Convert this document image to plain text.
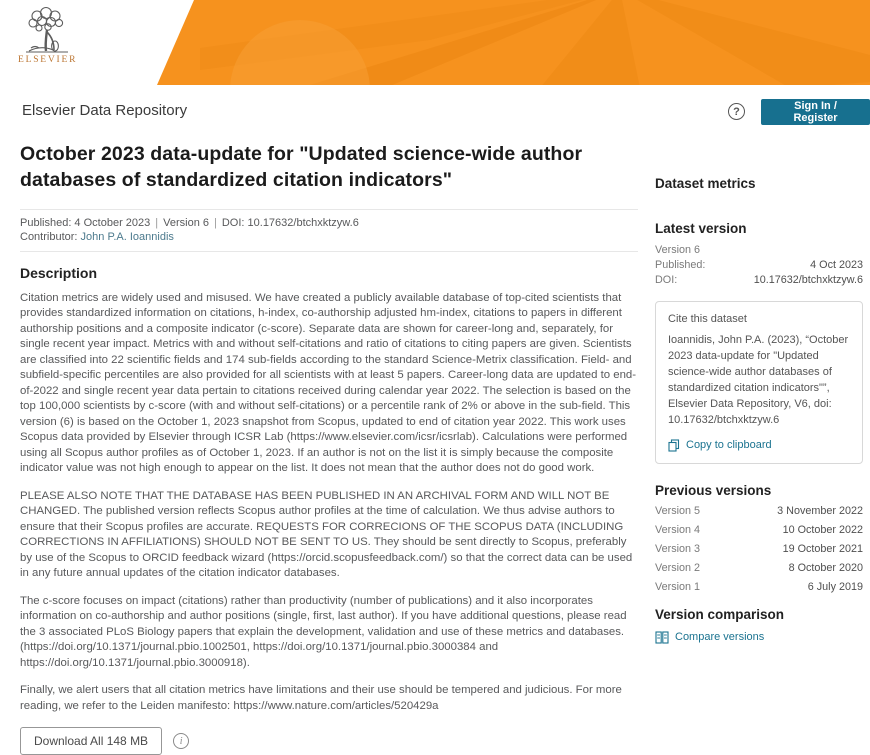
ELSEVIER
Elsevier Data Repository	?	Sign In / Register
October 2023 data-update for "Updated science-wide author databases of standardized citation indicators"
Published: 4 October 2023 | Version 6 | DOI: 10.17632/btchxktzyw.6
Contributor: John P.A. Ioannidis
Description

Citation metrics are widely used and misused. We have created a publicly available database of top-cited scientists that provides standardized information on citations, h-index, co-authorship adjusted hm-index, citations to papers in different authorship positions and a composite indicator (c-score). Separate data are shown for career-long and, separately, for single recent year impact. Metrics with and without self-citations and ratio of citations to citing papers are given. Scientists are classified into 22 scientific fields and 174 sub-fields according to the standard Science-Metrix classification. Field- and subfield-specific percentiles are also provided for all scientists with at least 5 papers. Career-long data are updated to end-of-2022 and single recent year data pertain to citations received during calendar year 2022. The selection is based on the top 100,000 scientists by c-score (with and without self-citations) or a percentile rank of 2% or above in the sub-field. This version (6) is based on the October 1, 2023 snapshot from Scopus, updated to end of citation year 2022. This work uses Scopus data provided by Elsevier through ICSR Lab (https://www.elsevier.com/icsr/icsrlab). Calculations were performed using all Scopus author profiles as of October 1, 2023. If an author is not on the list it is simply because the composite indicator value was not high enough to appear on the list. It does not mean that the author does not do good work.

PLEASE ALSO NOTE THAT THE DATABASE HAS BEEN PUBLISHED IN AN ARCHIVAL FORM AND WILL NOT BE CHANGED. The published version reflects Scopus author profiles at the time of calculation. We thus advise authors to ensure that their Scopus profiles are accurate. REQUESTS FOR CORRECIONS OF THE SCOPUS DATA (INCLUDING CORRECTIONS IN AFFILIATIONS) SHOULD NOT BE SENT TO US. They should be sent directly to Scopus, preferably by use of the Scopus to ORCID feedback wizard (https://orcid.scopusfeedback.com/) so that the correct data can be used in any future annual updates of the citation indicator databases.

The c-score focuses on impact (citations) rather than productivity (number of publications) and it also incorporates information on co-authorship and author positions (single, first, last author). If you have additional questions, please read the 3 associated PLoS Biology papers that explain the development, validation and use of these metrics and databases. (https://doi.org/10.1371/journal.pbio.1002501, https://doi.org/10.1371/journal.pbio.3000384 and https://doi.org/10.1371/journal.pbio.3000918).

Finally, we alert users that all citation metrics have limitations and their use should be tempered and judicious. For more reading, we refer to the Leiden manifesto: https://www.nature.com/articles/520429a

Download All 148 MB	i
Dataset metrics
Latest version
Version 6
Published:	4 Oct 2023
DOI:	10.17632/btchxktzyw.6
Cite this dataset
Ioannidis, John P.A. (2023), “October 2023 data-update for "Updated science-wide author databases of standardized citation indicators"”, Elsevier Data Repository, V6, doi: 10.17632/btchxktzyw.6
Copy to clipboard
Previous versions
Version 5	3 November 2022
Version 4	10 October 2022
Version 3	19 October 2021
Version 2	8 October 2020
Version 1	6 July 2019
Version comparison
Compare versions
